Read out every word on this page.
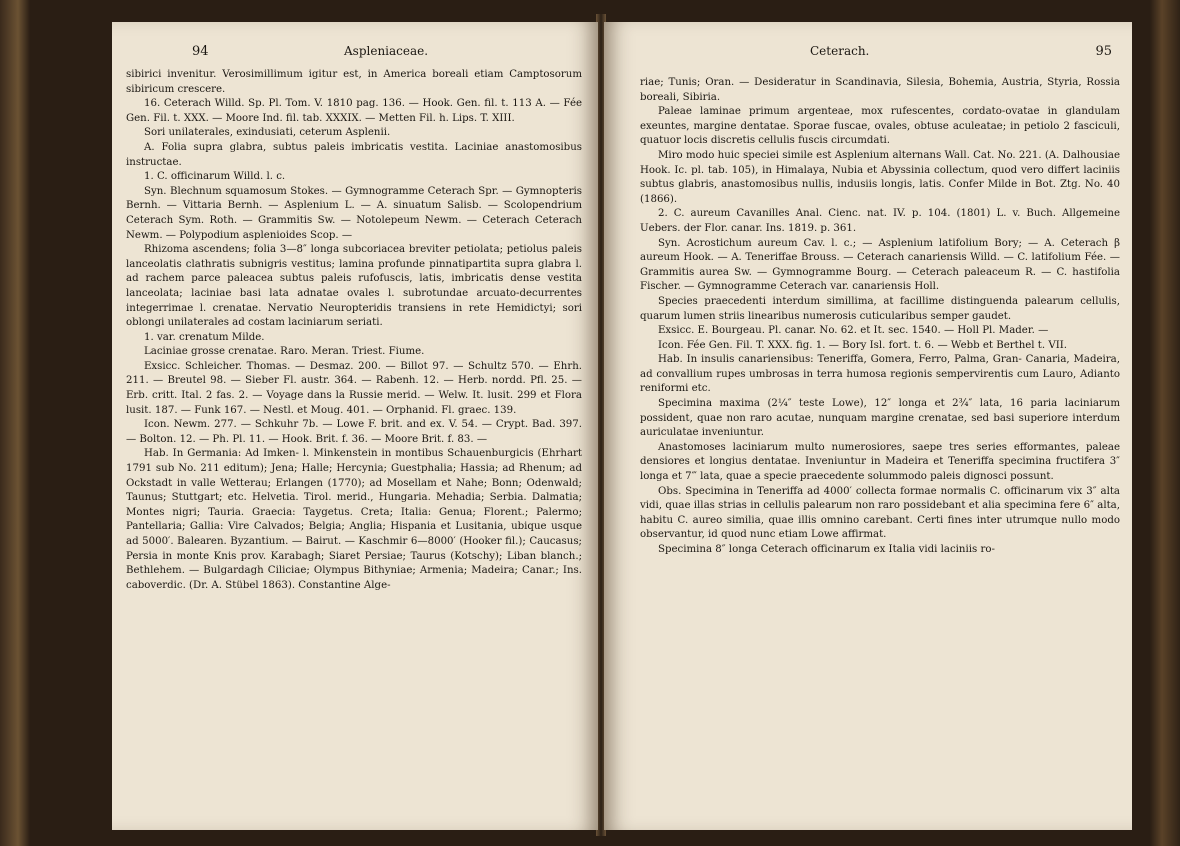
94	Aspleniaceae.

sibirici invenitur. Verosimillimum igitur est, in America boreali etiam Camptosorum sibiricum crescere.

16. Ceterach Willd. Sp. Pl. Tom. V. 1810 pag. 136. — Hook. Gen. fil. t. 113 A. — Fée Gen. Fil. t. XXX. — Moore Ind. fil. tab. XXXIX. — Metten Fil. h. Lips. T. XIII.

Sori unilaterales, exindusiati, ceterum Asplenii.

A. Folia supra glabra, subtus paleis imbricatis vestita. Laciniae anastomosibus instructae.

1. C. officinarum Willd. l. c.

Syn. Blechnum squamosum Stokes. — Gymnogramme Ceterach Spr. — Gymnopteris Bernh. — Vittaria Bernh. — Asplenium L. — A. sinuatum Salisb. — Scolopendrium Ceterach Sym. Roth. — Grammitis Sw. — Notolepeum Newm. — Ceterach Ceterach Newm. — Polypodium asplenioides Scop. —

Rhizoma ascendens; folia 3—8″ longa subcoriacea breviter petiolata; petiolus paleis lanceolatis clathratis subnigris vestitus; lamina profunde pinnatipartita supra glabra l. ad rachem parce paleacea subtus paleis rufofuscis, latis, imbricatis dense vestita lanceolata; laciniae basi lata adnatae ovales l. subrotundae arcuato-decurrentes integerrimae l. crenatae. Nervatio Neuropteridis transiens in rete Hemidictyi; sori oblongi unilaterales ad costam laciniarum seriati.

1. var. crenatum Milde.

Laciniae grosse crenatae. Raro. Meran. Triest. Fiume.

Exsicc. Schleicher. Thomas. — Desmaz. 200. — Billot 97. — Schultz 570. — Ehrh. 211. — Breutel 98. — Sieber Fl. austr. 364. — Rabenh. 12. — Herb. nordd. Pfl. 25. — Erb. critt. Ital. 2 fas. 2. — Voyage dans la Russie merid. — Welw. It. lusit. 299 et Flora lusit. 187. — Funk 167. — Nestl. et Moug. 401. — Orphanid. Fl. graec. 139.

Icon. Newm. 277. — Schkuhr 7b. — Lowe F. brit. and ex. V. 54. — Crypt. Bad. 397. — Bolton. 12. — Ph. Pl. 11. — Hook. Brit. f. 36. — Moore Brit. f. 83. —

Hab. In Germania: Ad Imken- l. Minkenstein in montibus Schauenburgicis (Ehrhart 1791 sub No. 211 editum); Jena; Halle; Hercynia; Guestphalia; Hassia; ad Rhenum; ad Ockstadt in valle Wetterau; Erlangen (1770); ad Mosellam et Nahe; Bonn; Odenwald; Taunus; Stuttgart; etc. Helvetia. Tirol. merid., Hungaria. Mehadia; Serbia. Dalmatia; Montes nigri; Tauria. Graecia: Taygetus. Creta; Italia: Genua; Florent.; Palermo; Pantellaria; Gallia: Vire Calvados; Belgia; Anglia; Hispania et Lusitania, ubique usque ad 5000′. Balearen. Byzantium. — Bairut. — Kaschmir 6—8000′ (Hooker fil.); Caucasus; Persia in monte Knis prov. Karabagh; Siaret Persiae; Taurus (Kotschy); Liban blanch.; Bethlehem. — Bulgardagh Ciliciae; Olympus Bithyniae; Armenia; Madeira; Canar.; Ins. caboverdic. (Dr. A. Stübel 1863). Constantine Alge-

Ceterach.	95

riae; Tunis; Oran. — Desideratur in Scandinavia, Silesia, Bohemia, Austria, Styria, Rossia boreali, Sibiria.

Paleae laminae primum argenteae, mox rufescentes, cordato-ovatae in glandulam exeuntes, margine dentatae. Sporae fuscae, ovales, obtuse aculeatae; in petiolo 2 fasciculi, quatuor locis discretis cellulis fuscis circumdati.

Miro modo huic speciei simile est Asplenium alternans Wall. Cat. No. 221. (A. Dalhousiae Hook. Ic. pl. tab. 105), in Himalaya, Nubia et Abyssinia collectum, quod vero differt laciniis subtus glabris, anastomosibus nullis, indusiis longis, latis. Confer Milde in Bot. Ztg. No. 40 (1866).

2. C. aureum Cavanilles Anal. Cienc. nat. IV. p. 104. (1801) L. v. Buch. Allgemeine Uebers. der Flor. canar. Ins. 1819. p. 361.

Syn. Acrostichum aureum Cav. l. c.; — Asplenium latifolium Bory; — A. Ceterach β aureum Hook. — A. Teneriffae Brouss. — Ceterach canariensis Willd. — C. latifolium Fée. — Grammitis aurea Sw. — Gymnogramme Bourg. — Ceterach paleaceum R. — C. hastifolia Fischer. — Gymnogramme Ceterach var. canariensis Holl.

Species praecedenti interdum simillima, at facillime distinguenda palearum cellulis, quarum lumen striis linearibus numerosis cuticularibus semper gaudet.

Exsicc. E. Bourgeau. Pl. canar. No. 62. et It. sec. 1540. — Holl Pl. Mader. —

Icon. Fée Gen. Fil. T. XXX. fig. 1. — Bory Isl. fort. t. 6. — Webb et Berthel t. VII.

Hab. In insulis canariensibus: Teneriffa, Gomera, Ferro, Palma, Gran- Canaria, Madeira, ad convallium rupes umbrosas in terra humosa regionis sempervirentis cum Lauro, Adianto reniformi etc.

Specimina maxima (2¼″ teste Lowe), 12″ longa et 2¾″ lata, 16 paria laciniarum possident, quae non raro acutae, nunquam margine crenatae, sed basi superiore interdum auriculatae inveniuntur.

Anastomoses laciniarum multo numerosiores, saepe tres series efformantes, paleae densiores et longius dentatae. Inveniuntur in Madeira et Teneriffa specimina fructifera 3″ longa et 7‴ lata, quae a specie praecedente solummodo paleis dignosci possunt.

Obs. Specimina in Teneriffa ad 4000′ collecta formae normalis C. officinarum vix 3″ alta vidi, quae illas strias in cellulis palearum non raro possidebant et alia specimina fere 6″ alta, habitu C. aureo similia, quae illis omnino carebant. Certi fines inter utrumque nullo modo observantur, id quod nunc etiam Lowe affirmat.

Specimina 8″ longa Ceterach officinarum ex Italia vidi laciniis ro-
